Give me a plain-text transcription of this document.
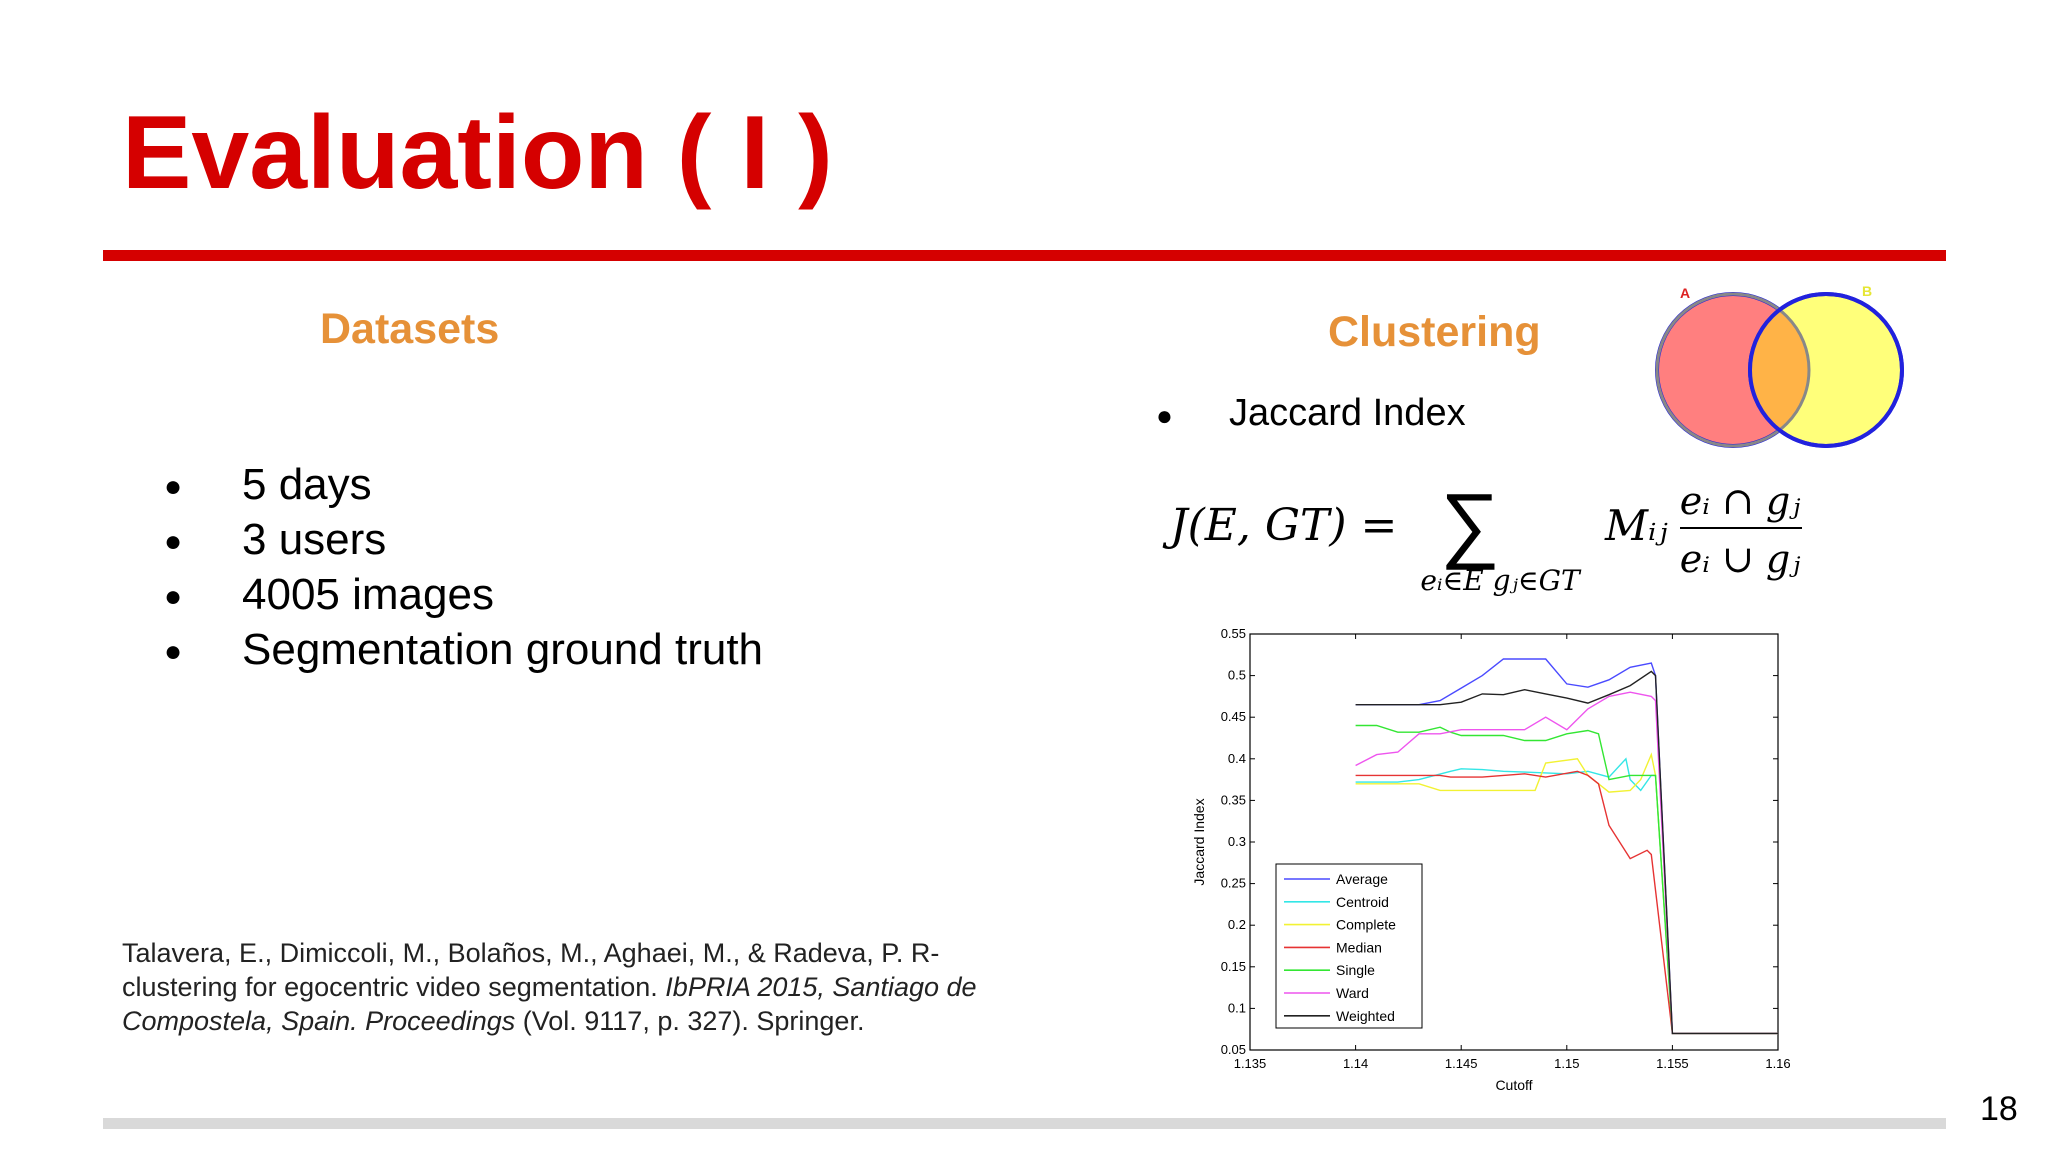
Evaluation ( I )
Datasets
● 5 days
● 3 users
● 4005 images
● Segmentation ground truth
Clustering
● Jaccard Index
A	B
J(E, GT) = ∑
eᵢ∈E gⱼ∈GT
Mᵢⱼ eᵢ ∩ gⱼ
eᵢ ∪ gⱼ
1.135	1.14	1.145	1.15	1.155	1.16
0.05
0.1
0.15
0.2
0.25
0.3
0.35
0.4
0.45
0.5
0.55
Cutoff
Jaccard Index	Average
Centroid
Complete
Median
Single
Ward
Weighted
Talavera, E., Dimiccoli, M., Bolaños, M., Aghaei, M., & Radeva, P. R-clustering for egocentric video segmentation. IbPRIA 2015, Santiago de Compostela, Spain. Proceedings (Vol. 9117, p. 327). Springer.
18
